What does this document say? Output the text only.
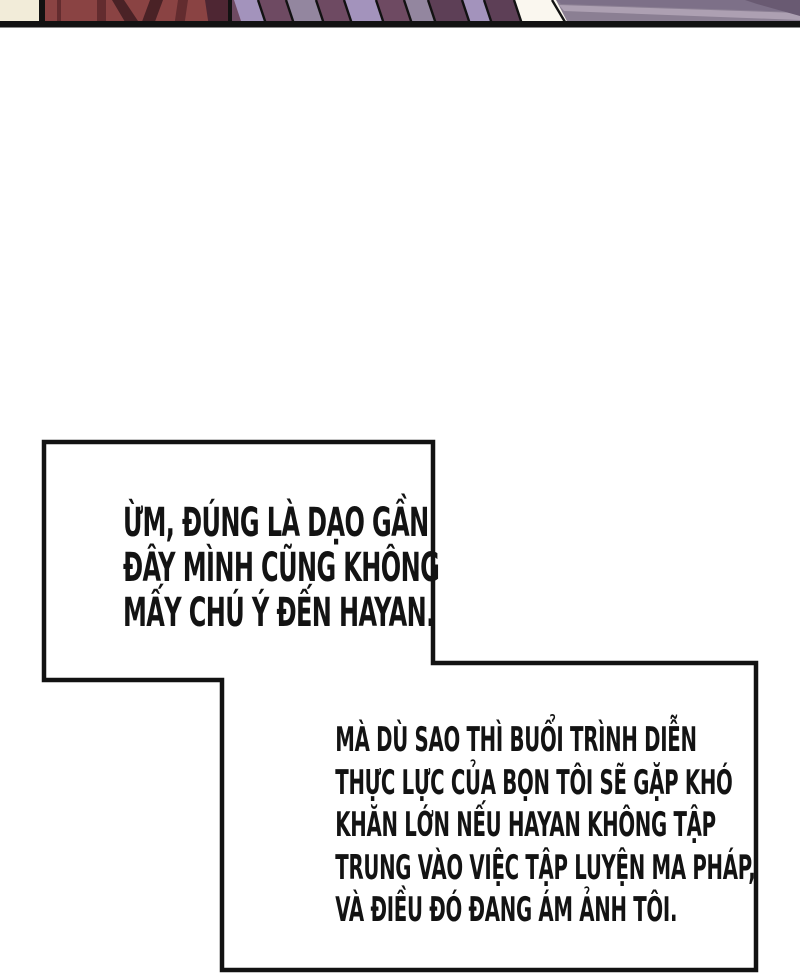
ỪM, ĐÚNG LÀ DẠO GẦN
ĐÂY MÌNH CŨNG KHÔNG
MẤY CHÚ Ý ĐẾN HAYAN.
MÀ DÙ SAO THÌ BUỔI TRÌNH DIỄN
THỰC LỰC CỦA BỌN TÔI SẼ GẶP KHÓ
KHĂN LỚN NẾU HAYAN KHÔNG TẬP
TRUNG VÀO VIỆC TẬP LUYỆN MA PHÁP,
VÀ ĐIỀU ĐÓ ĐANG ÁM ẢNH TÔI.
